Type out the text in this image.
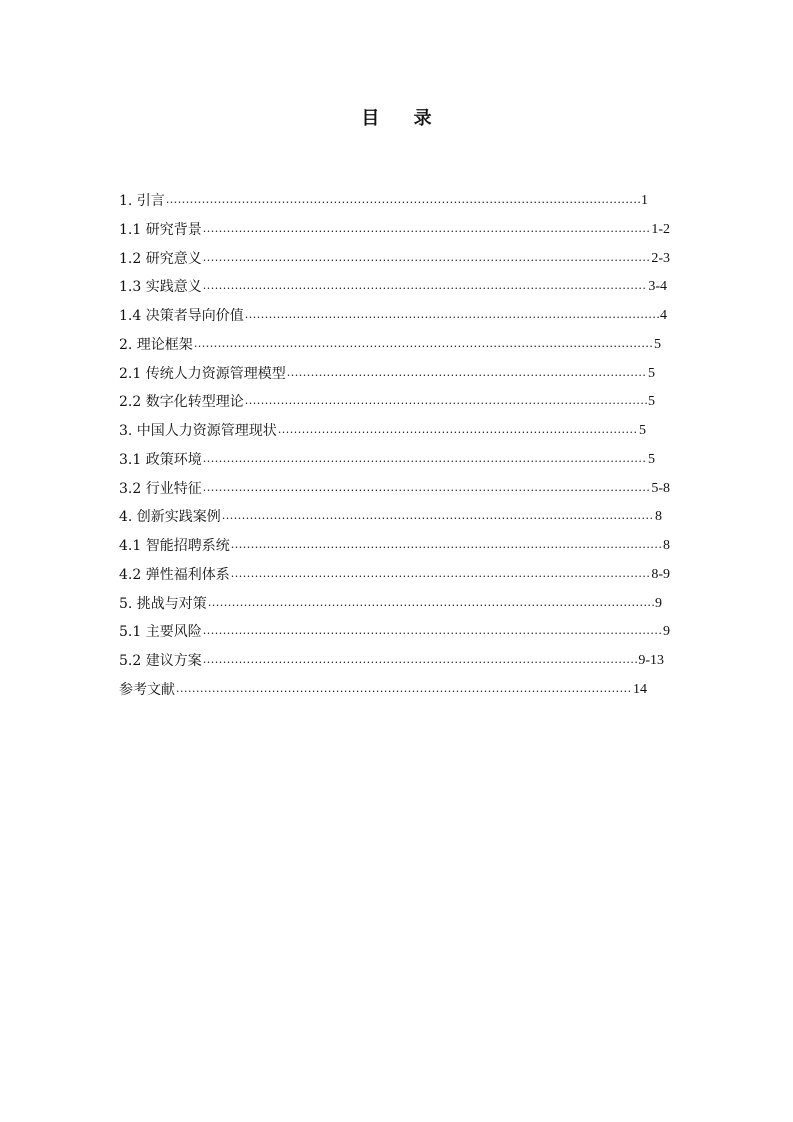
目 录
1. 引言 ·····	1
1.1 研究背景 ·····	1-2
1.2 研究意义 ·····	2-3
1.3 实践意义 ·····	3-4
1.4 决策者导向价值 ·····	4
2. 理论框架 ·····	5
2.1 传统人力资源管理模型 ·····	5
2.2 数字化转型理论 ·····	5
3. 中国人力资源管理现状 ·····	5
3.1 政策环境 ·····	5
3.2 行业特征 ·····	5-8
4. 创新实践案例 ·····	8
4.1 智能招聘系统 ·····	8
4.2 弹性福利体系 ·····	8-9
5. 挑战与对策 ·····	9
5.1 主要风险 ·····	9
5.2 建议方案 ·····	9-13
参考文献 ·····	14
